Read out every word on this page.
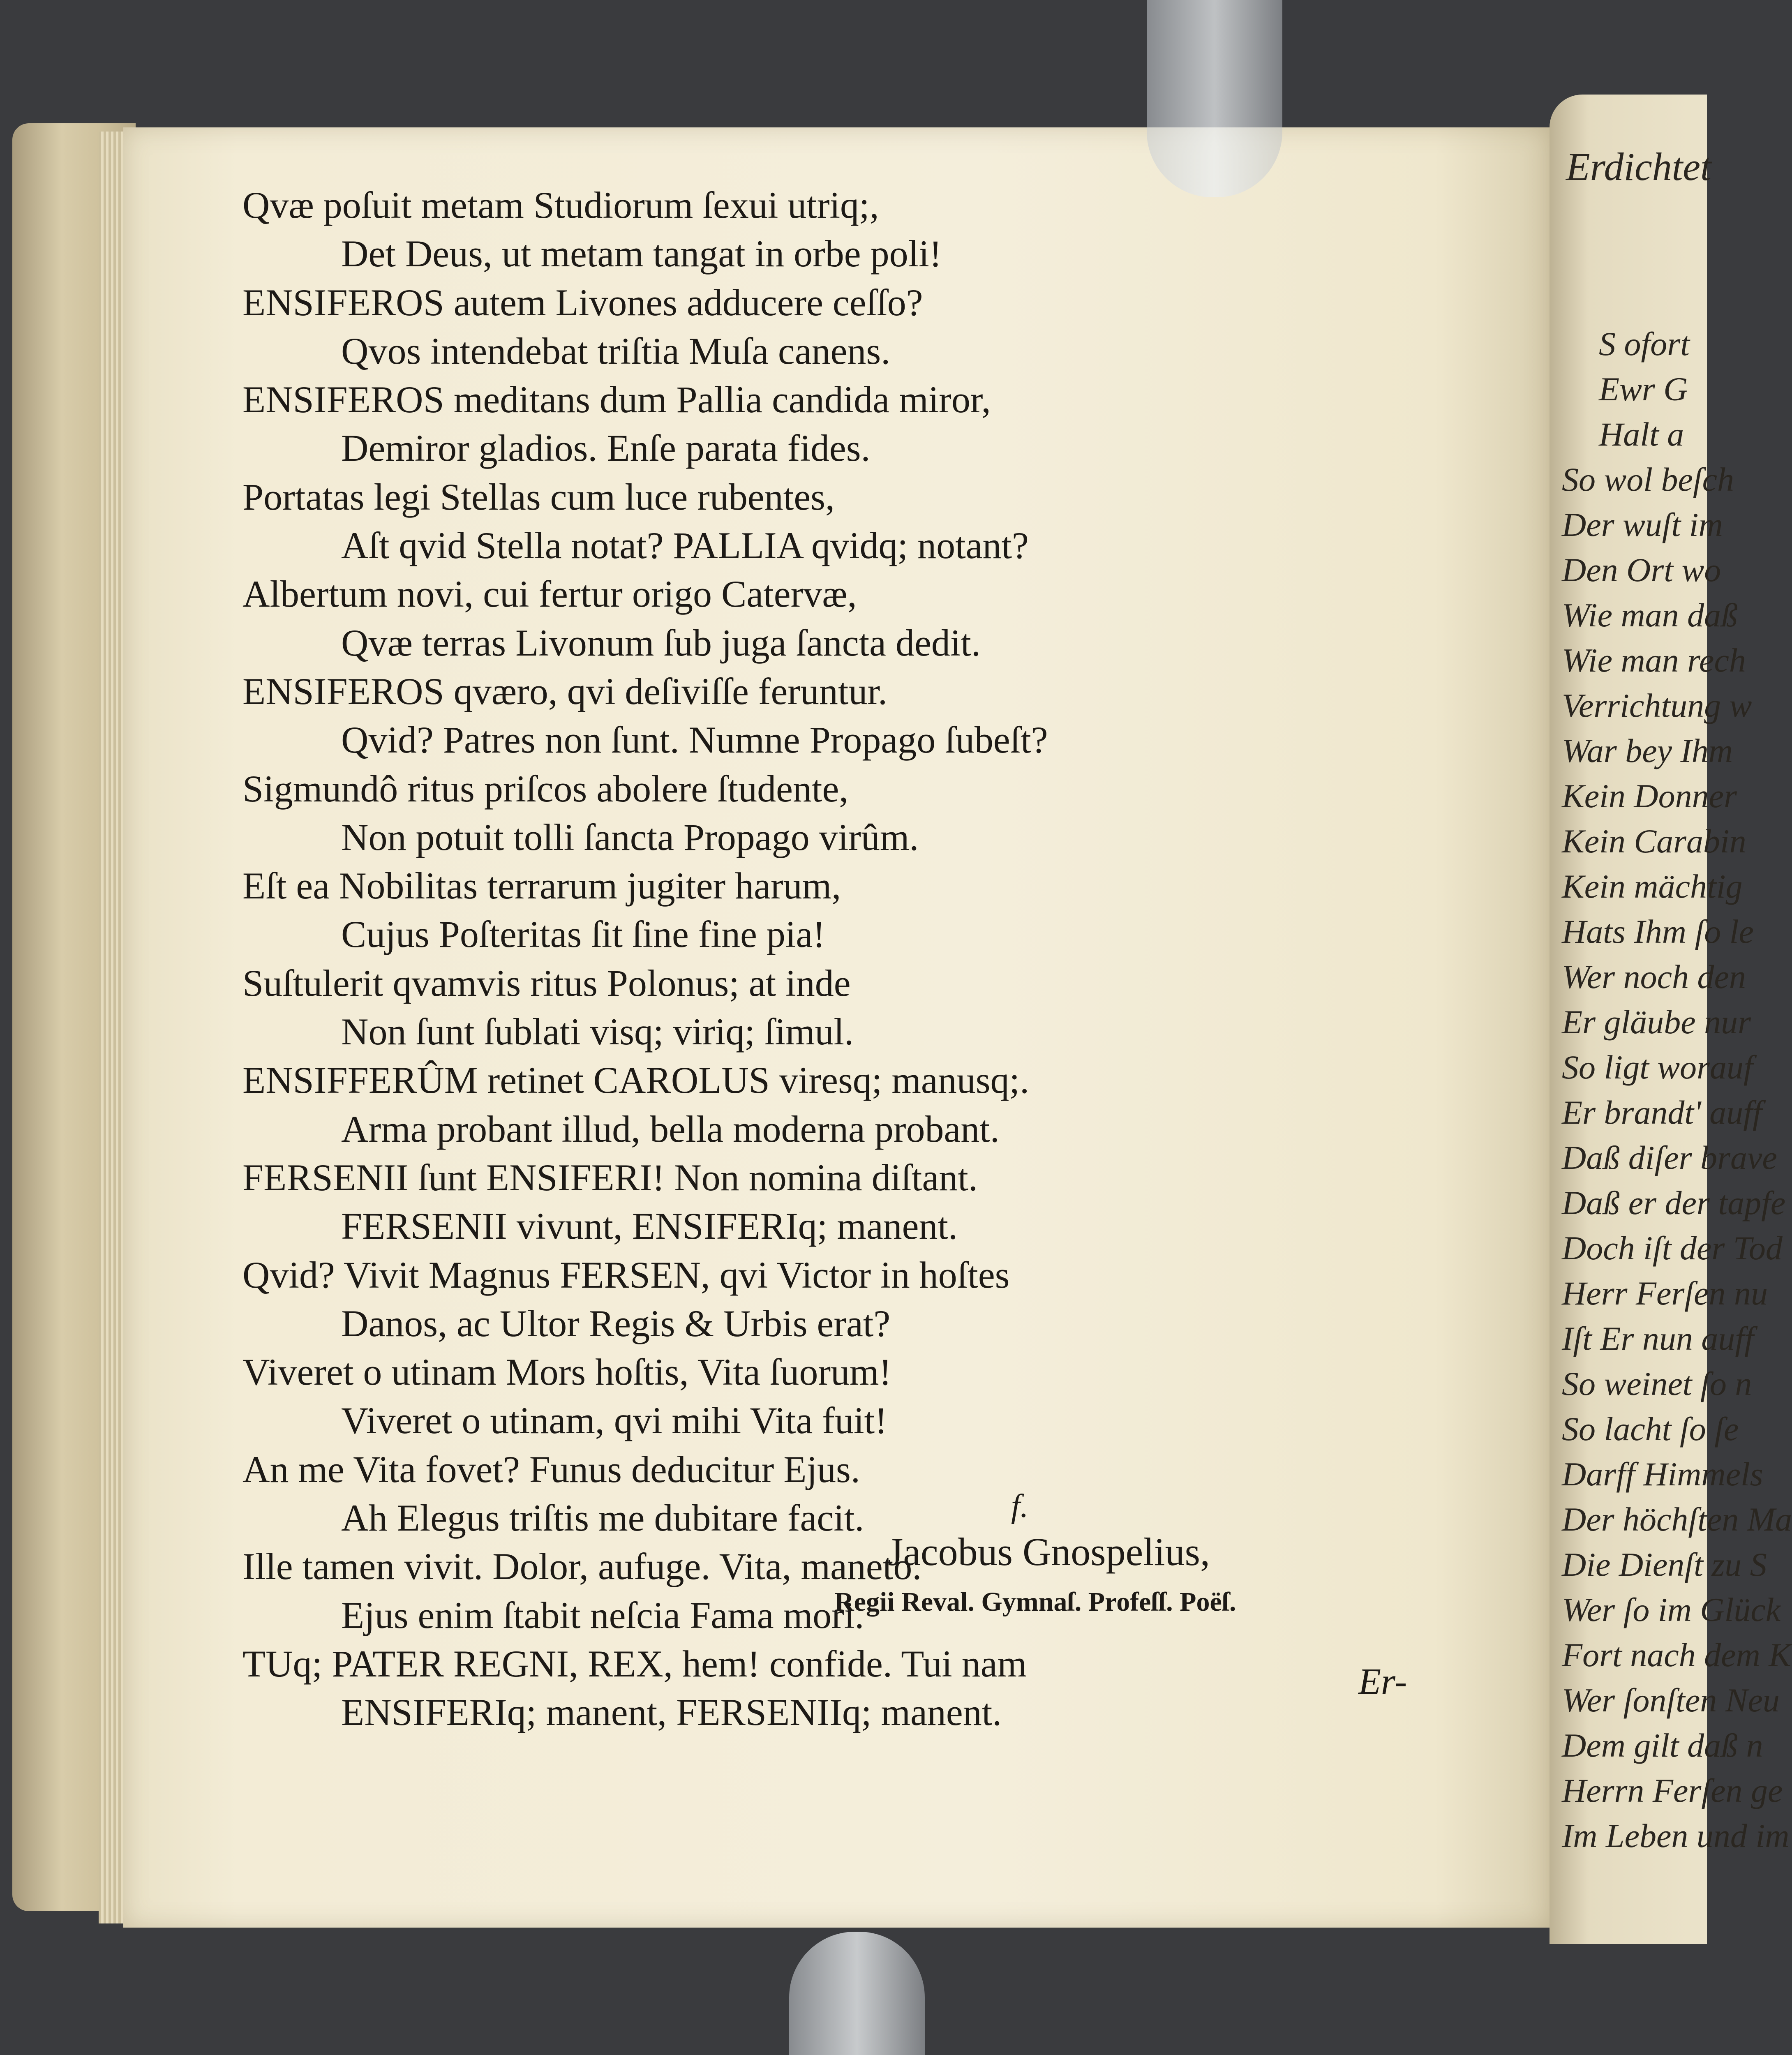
Erdichtet
S ofort
Ewr G
Halt a
So wol beſch
Der wuſt im
Den Ort wo
Wie man daß
Wie man rech
Verrichtung w
War bey Ihm
Kein Donner
Kein Carabin
Kein mächtig
Hats Ihm ſo le
Wer noch den
Er gläube nur
So ligt worauf
Er brandt' auff
Daß diſer brave
Daß er der tapfe
Doch iſt der Tod
Herr Ferſen nu
Iſt Er nun auff
So weinet ſo n
So lacht ſo ſe
Darff Himmels
Der höchſten Ma
Die Dienſt zu S
Wer ſo im Glück
Fort nach dem K
Wer ſonſten Neu
Dem gilt daß n
Herrn Ferſen ge
Im Leben und im
Qvæ poſuit metam Studiorum ſexui utriq;,
Det Deus, ut metam tangat in orbe poli!
ENSIFEROS autem Livones adducere ceſſo?
Qvos intendebat triſtia Muſa canens.
ENSIFEROS meditans dum Pallia candida miror,
Demiror gladios. Enſe parata fides.
Portatas legi Stellas cum luce rubentes,
Aſt qvid Stella notat? PALLIA qvidq; notant?
Albertum novi, cui fertur origo Catervæ,
Qvæ terras Livonum ſub juga ſancta dedit.
ENSIFEROS qværo, qvi deſiviſſe feruntur.
Qvid? Patres non ſunt. Numne Propago ſubeſt?
Sigmundô ritus priſcos abolere ſtudente,
Non potuit tolli ſancta Propago virûm.
Eſt ea Nobilitas terrarum jugiter harum,
Cujus Poſteritas ſit ſine fine pia!
Suſtulerit qvamvis ritus Polonus; at inde
Non ſunt ſublati visq; viriq; ſimul.
ENSIFFERÛM retinet CAROLUS viresq; manusq;.
Arma probant illud, bella moderna probant.
FERSENII ſunt ENSIFERI! Non nomina diſtant.
FERSENII vivunt, ENSIFERIq; manent.
Qvid? Vivit Magnus FERSEN, qvi Victor in hoſtes
Danos, ac Ultor Regis & Urbis erat?
Viveret o utinam Mors hoſtis, Vita ſuorum!
Viveret o utinam, qvi mihi Vita fuit!
An me Vita fovet? Funus deducitur Ejus.
Ah Elegus triſtis me dubitare facit.
Ille tamen vivit. Dolor, aufuge. Vita, maneto.
Ejus enim ſtabit neſcia Fama mori.
TUq; PATER REGNI, REX, hem! confide. Tui nam
ENSIFERIq; manent, FERSENIIq; manent.
f.
Jacobus Gnospelius,
Regii Reval. Gymnaſ. Profeſſ. Poëſ.
Er-
